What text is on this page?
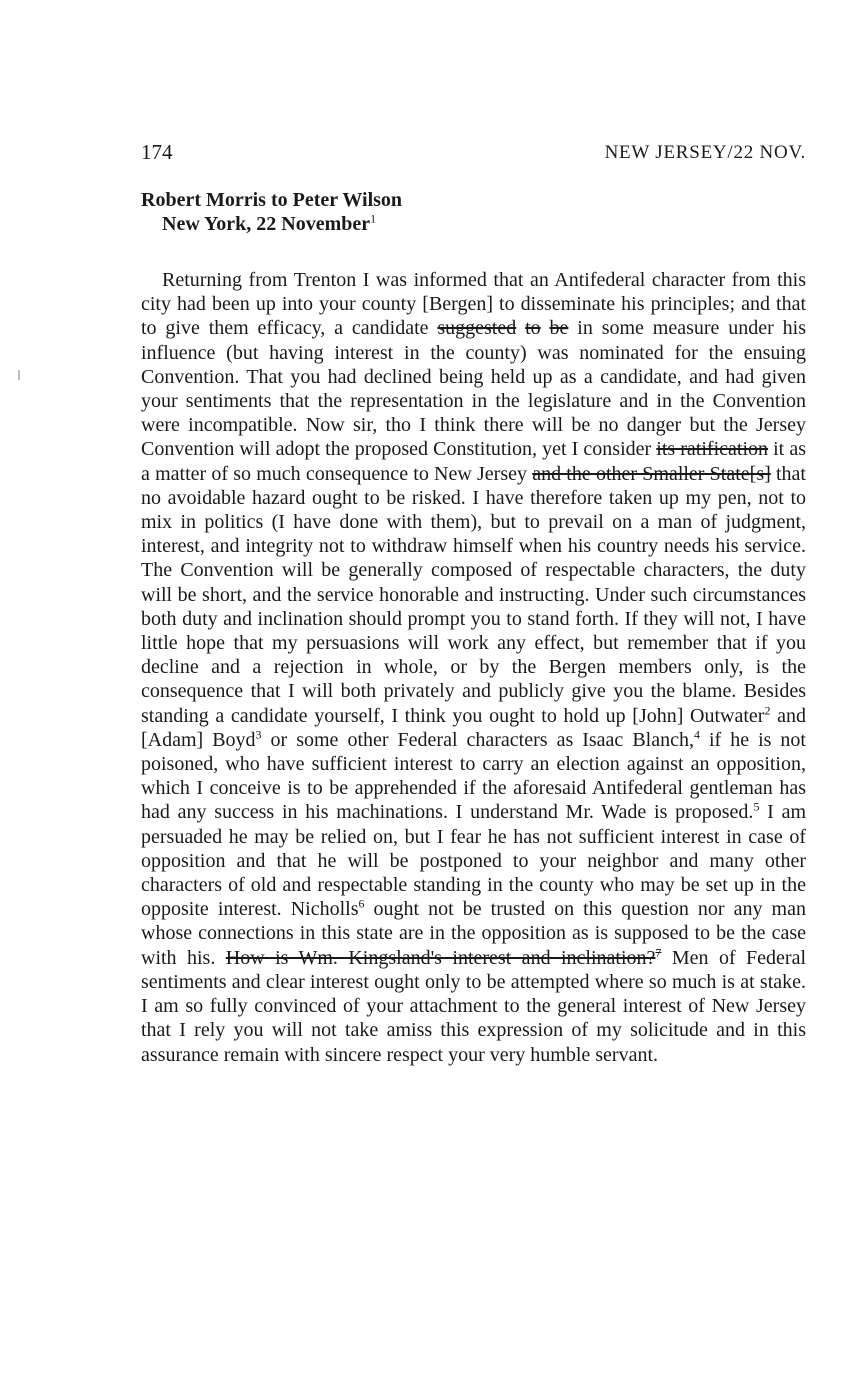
174	NEW JERSEY/22 NOV.
Robert Morris to Peter Wilson
New York, 22 November$^1$

Returning from Trenton I was informed that an Antifederal character from this city had been up into your county [Bergen] to disseminate his principles; and that to give them efficacy, a candidate suggested to be in some measure under his influence (but having interest in the county) was nominated for the ensuing Convention. That you had declined being held up as a candidate, and had given your sentiments that the representation in the legislature and in the Convention were incompatible. Now sir, tho I think there will be no danger but the Jersey Convention will adopt the proposed Constitution, yet I consider its ratification it as a matter of so much consequence to New Jersey and the other Smaller State[s] that no avoidable hazard ought to be risked. I have therefore taken up my pen, not to mix in politics (I have done with them), but to prevail on a man of judgment, interest, and integrity not to withdraw himself when his country needs his service. The Convention will be generally composed of respectable characters, the duty will be short, and the service honorable and instructing. Under such circumstances both duty and inclination should prompt you to stand forth. If they will not, I have little hope that my persuasions will work any effect, but remember that if you decline and a rejection in whole, or by the Bergen members only, is the consequence that I will both privately and publicly give you the blame. Besides standing a candidate yourself, I think you ought to hold up [John] Outwater$^2$ and [Adam] Boyd$^3$ or some other Federal characters as Isaac Blanch,$^4$ if he is not poisoned, who have sufficient interest to carry an election against an opposition, which I conceive is to be apprehended if the aforesaid Antifederal gentleman has had any success in his machinations. I understand Mr. Wade is proposed.$^5$ I am persuaded he may be relied on, but I fear he has not sufficient interest in case of opposition and that he will be postponed to your neighbor and many other characters of old and respectable standing in the county who may be set up in the opposite interest. Nicholls$^6$ ought not be trusted on this question nor any man whose connections in this state are in the opposition as is supposed to be the case with his. How is Wm. Kingsland's interest and inclination?$^7$ Men of Federal sentiments and clear interest ought only to be attempted where so much is at stake. I am so fully convinced of your attachment to the general interest of New Jersey that I rely you will not take amiss this expression of my solicitude and in this assurance remain with sincere respect your very humble servant.
